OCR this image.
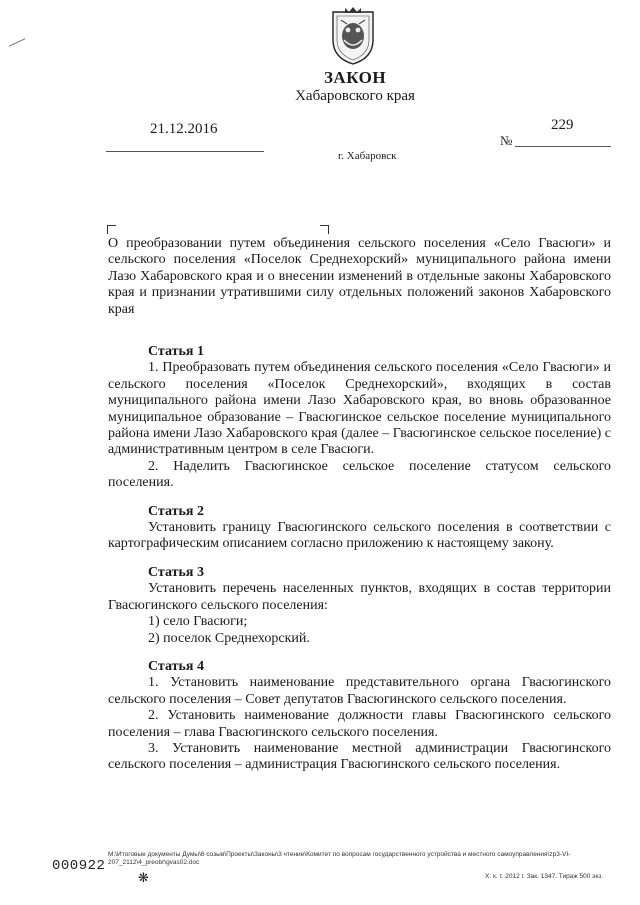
ЗАКОН
Хабаровского края
21.12.2016	229
№
г. Хабаровск
О преобразовании путем объединения сельского поселения «Село Гвасюги» и сельского поселения «Поселок Среднехорский» муниципального района имени Лазо Хабаровского края и о внесении изменений в отдельные законы Хабаровского края и признании утратившими силу отдельных положений законов Хабаровского края

Статья 1

1. Преобразовать путем объединения сельского поселения «Село Гвасюги» и сельского поселения «Поселок Среднехорский», входящих в состав муниципального района имени Лазо Хабаровского края, во вновь образованное муниципальное образование – Гвасюгинское сельское поселение муниципального района имени Лазо Хабаровского края (далее – Гвасюгинское сельское поселение) с административным центром в селе Гвасюги.

2. Наделить Гвасюгинское сельское поселение статусом сельского поселения.

Статья 2

Установить границу Гвасюгинского сельского поселения в соответствии с картографическим описанием согласно приложению к настоящему закону.

Статья 3

Установить перечень населенных пунктов, входящих в состав территории Гвасюгинского сельского поселения:

1) село Гвасюги;

2) поселок Среднехорский.

Статья 4

1. Установить наименование представительного органа Гвасюгинского сельского поселения – Совет депутатов Гвасюгинского сельского поселения.

2. Установить наименование должности главы Гвасюгинского сельского поселения – глава Гвасюгинского сельского поселения.

3. Установить наименование местной администрации Гвасюгинского сельского поселения – администрация Гвасюгинского сельского поселения.

M:\Итоговые документы Думы\6 созыв\Проекты\Законы\3 чтение\Комитет по вопросам государственного устройства и местного самоуправления\zp3-VI-207_2112\4_preobr\gvas02.doc
000922
❋	Х. к. т. 2012 г. Зак. 1347. Тираж 500 экз.
